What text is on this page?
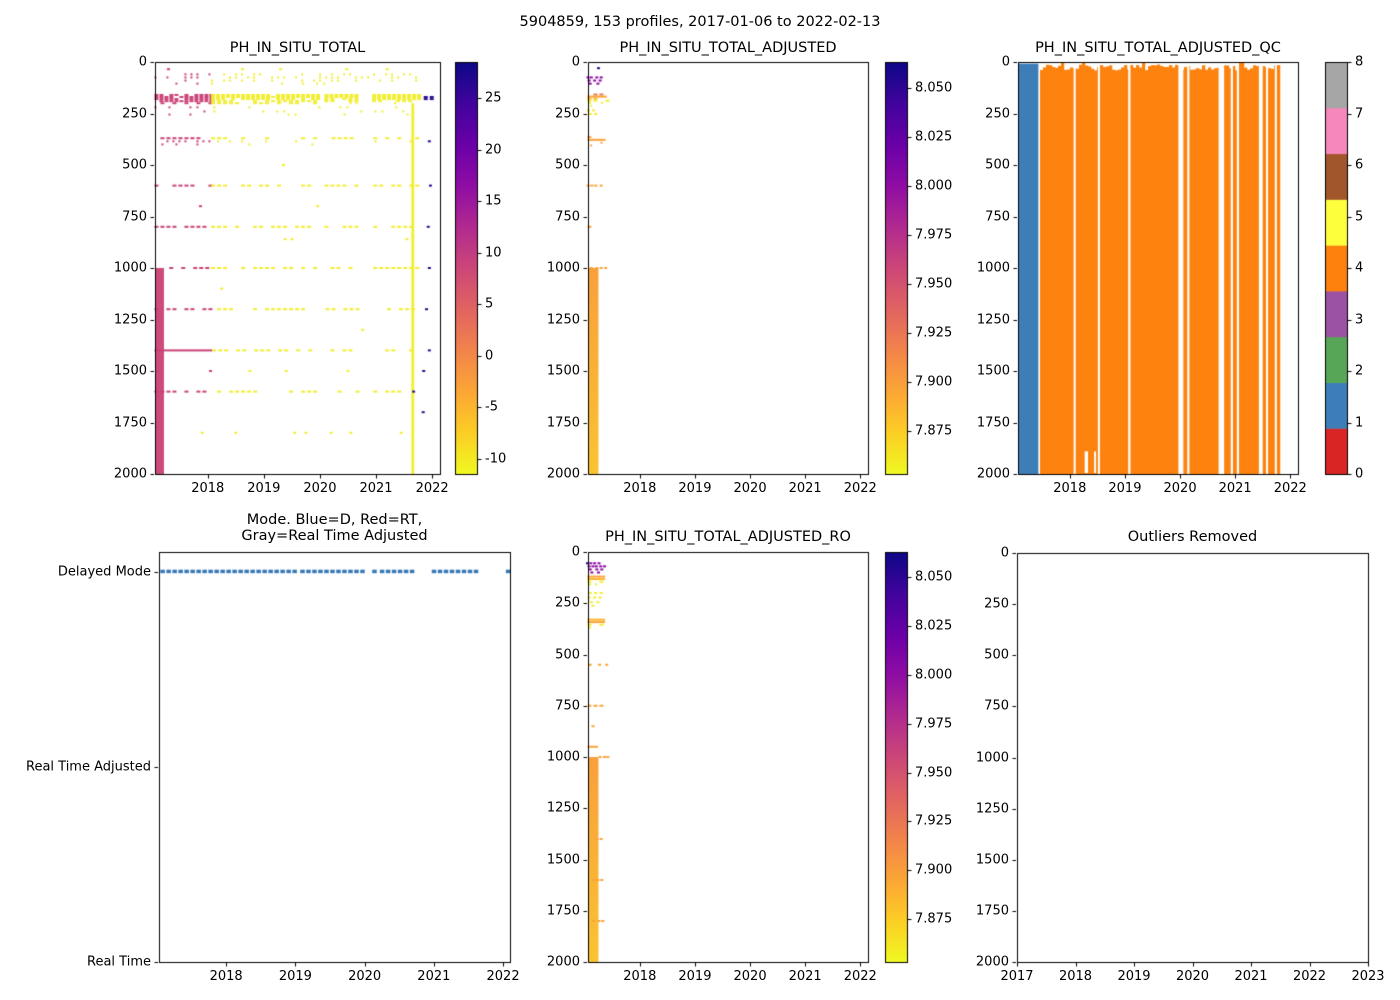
5904859, 153 profiles, 2017-01-06 to 2022-02-13
PH_IN_SITU_TOTAL	PH_IN_SITU_TOTAL_ADJUSTED	PH_IN_SITU_TOTAL_ADJUSTED_QC
Mode. Blue=D, Red=RT,
Gray=Real Time Adjusted	PH_IN_SITU_TOTAL_ADJUSTED_RO	Outliers Removed
2018 2019 2020 2021 2022
0
250
500
750
1000
1250
1500
1750
2000
25
20
15
10
5
0
-5
-10
2018 2019 2020 2021 2022
0
250
500
750
1000
1250
1500
1750
2000
8.050
8.025
8.000
7.975
7.950
7.925
7.900
7.875
2018 2019 2020 2021 2022
0
250
500
750
1000
1250
1500
1750
2000	0
1
2
3
4
5
6
7
8
2018	2019	2020	2021	2022
Delayed Mode
Real Time Adjusted
Real Time
2018 2019 2020 2021 2022
0
250
500
750
1000
1250
1500
1750
2000
8.050
8.025
8.000
7.975
7.950
7.925
7.900
7.875
2017 2018 2019 2020 2021 2022 2023
0
250
500
750
1000
1250
1500
1750
2000
